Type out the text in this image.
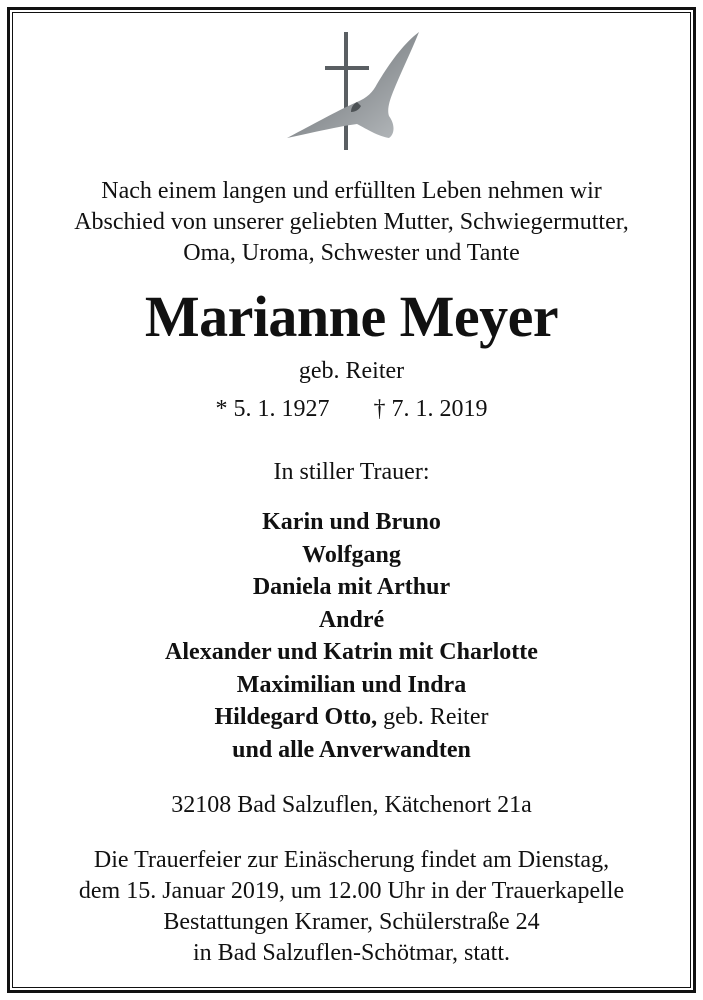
Nach einem langen und erfüllten Leben nehmen wir
Abschied von unserer geliebten Mutter, Schwiegermutter,
Oma, Uroma, Schwester und Tante
Marianne Meyer
geb. Reiter
* 5. 1. 1927 † 7. 1. 2019
In stiller Trauer:
Karin und Bruno
Wolfgang
Daniela mit Arthur
André
Alexander und Katrin mit Charlotte
Maximilian und Indra
Hildegard Otto, geb. Reiter
und alle Anverwandten
32108 Bad Salzuflen, Kätchenort 21a
Die Trauerfeier zur Einäscherung findet am Dienstag,
dem 15. Januar 2019, um 12.00 Uhr in der Trauerkapelle
Bestattungen Kramer, Schülerstraße 24
in Bad Salzuflen-Schötmar, statt.
